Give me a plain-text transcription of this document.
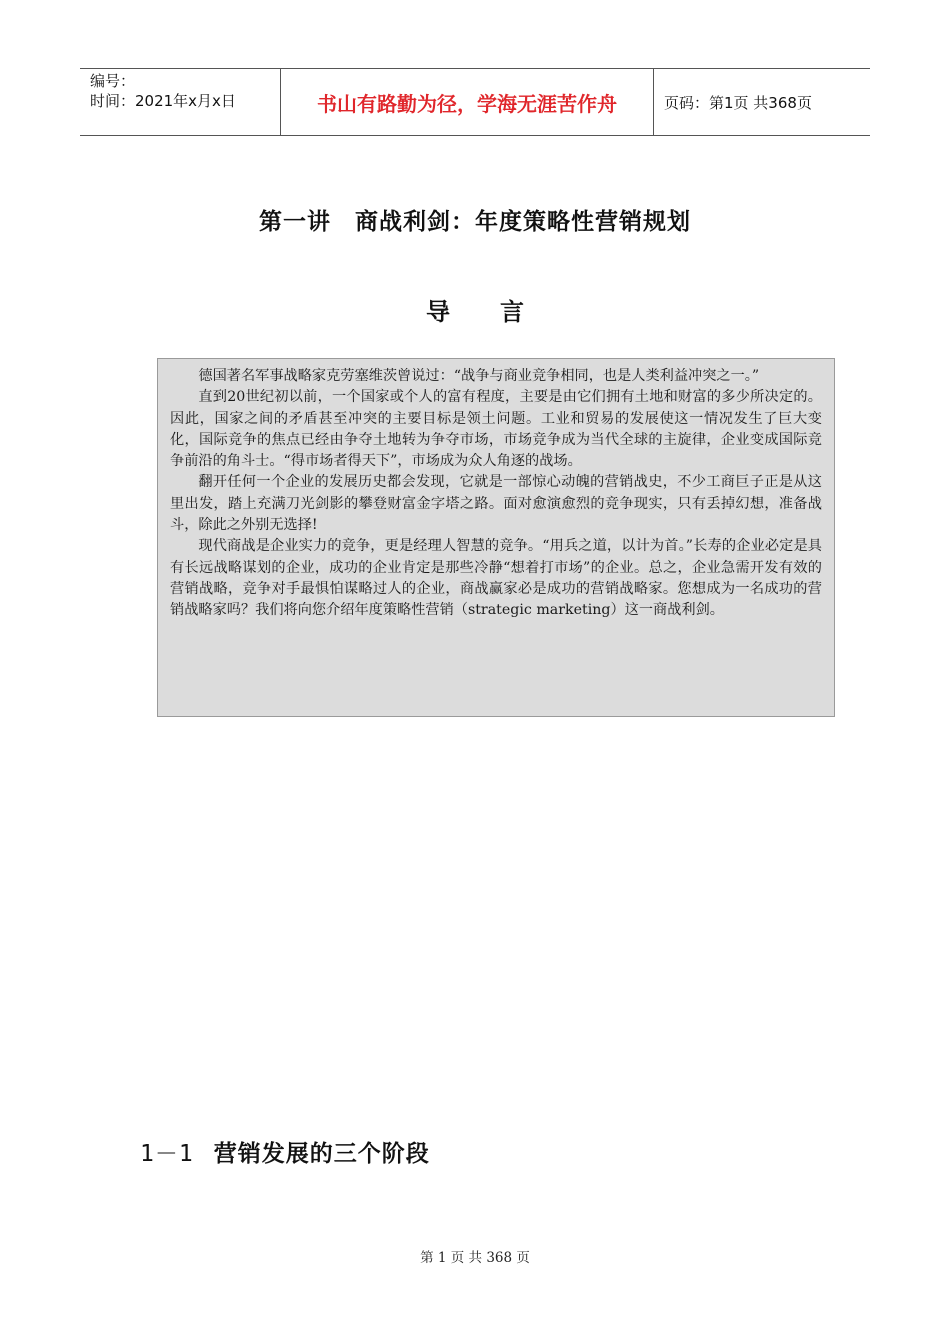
编号：
时间：2021年x月x日	书山有路勤为径，学海无涯苦作舟	页码：第1页 共368页
第一讲　商战利剑：年度策略性营销规划
导言

德国著名军事战略家克劳塞维茨曾说过：“战争与商业竞争相同，也是人类利益冲突之一。”

直到20世纪初以前，一个国家或个人的富有程度，主要是由它们拥有土地和财富的多少所决定的。因此，国家之间的矛盾甚至冲突的主要目标是领土问题。工业和贸易的发展使这一情况发生了巨大变化，国际竞争的焦点已经由争夺土地转为争夺市场，市场竞争成为当代全球的主旋律，企业变成国际竞争前沿的角斗士。“得市场者得天下”，市场成为众人角逐的战场。

翻开任何一个企业的发展历史都会发现，它就是一部惊心动魄的营销战史，不少工商巨子正是从这里出发，踏上充满刀光剑影的攀登财富金字塔之路。面对愈演愈烈的竞争现实，只有丢掉幻想，准备战斗，除此之外别无选择!

现代商战是企业实力的竞争，更是经理人智慧的竞争。“用兵之道，以计为首。”长寿的企业必定是具有长远战略谋划的企业，成功的企业肯定是那些冷静“想着打市场”的企业。总之，企业急需开发有效的营销战略，竞争对手最惧怕谋略过人的企业，商战赢家必是成功的营销战略家。您想成为一名成功的营销战略家吗？我们将向您介绍年度策略性营销（strategic marketing）这一商战利剑。

1－1 营销发展的三个阶段
第 1 页 共 368 页
